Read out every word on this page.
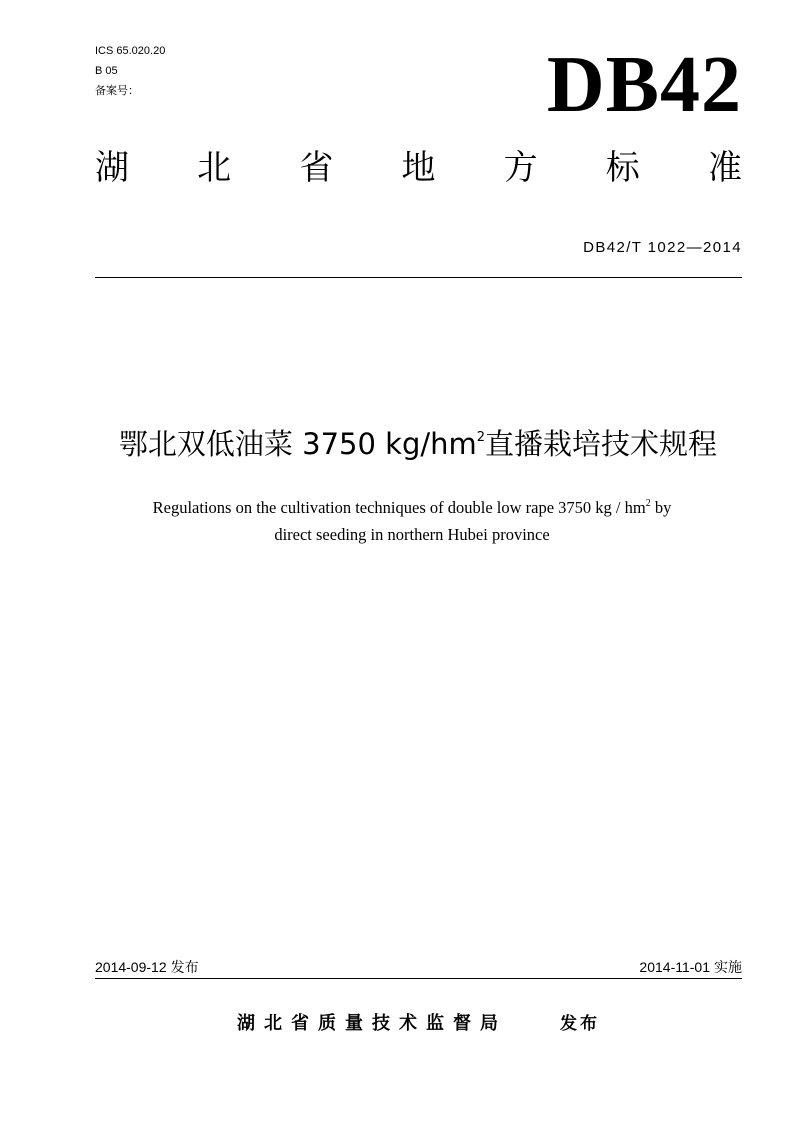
ICS 65.020.20
B 05
备案号：	DB42
湖 北 省 地 方 标 准
DB42/T 1022—2014
鄂北双低油菜 3750 $kg/hm^2$直播栽培技术规程
Regulations on the cultivation techniques of double low rape 3750 kg / $hm^2$ by
direct seeding in northern Hubei province
2014-09-12 发布	2014-11-01 实施
湖北省质量技术监督局	发布
